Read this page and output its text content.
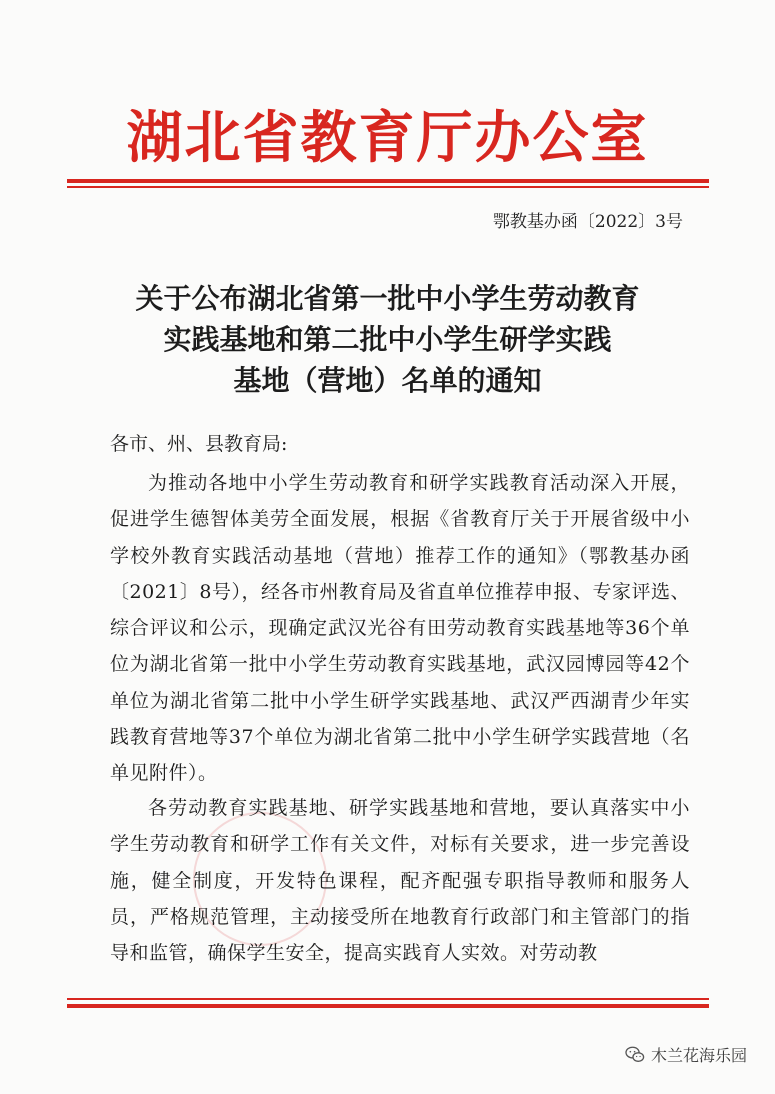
湖北省教育厅办公室
鄂教基办函〔2022〕3号
关于公布湖北省第一批中小学生劳动教育
实践基地和第二批中小学生研学实践
基地（营地）名单的通知
各市、州、县教育局:
为推动各地中小学生劳动教育和研学实践教育活动深入开展，促进学生德智体美劳全面发展，根据《省教育厅关于开展省级中小学校外教育实践活动基地（营地）推荐工作的通知》（鄂教基办函〔2021〕8号），经各市州教育局及省直单位推荐申报、专家评选、综合评议和公示，现确定武汉光谷有田劳动教育实践基地等36个单位为湖北省第一批中小学生劳动教育实践基地，武汉园博园等42个单位为湖北省第二批中小学生研学实践基地、武汉严西湖青少年实践教育营地等37个单位为湖北省第二批中小学生研学实践营地（名单见附件）。
各劳动教育实践基地、研学实践基地和营地，要认真落实中小学生劳动教育和研学工作有关文件，对标有关要求，进一步完善设施，健全制度，开发特色课程，配齐配强专职指导教师和服务人员，严格规范管理，主动接受所在地教育行政部门和主管部门的指导和监管，确保学生安全，提高实践育人实效。对劳动教
木兰花海乐园
